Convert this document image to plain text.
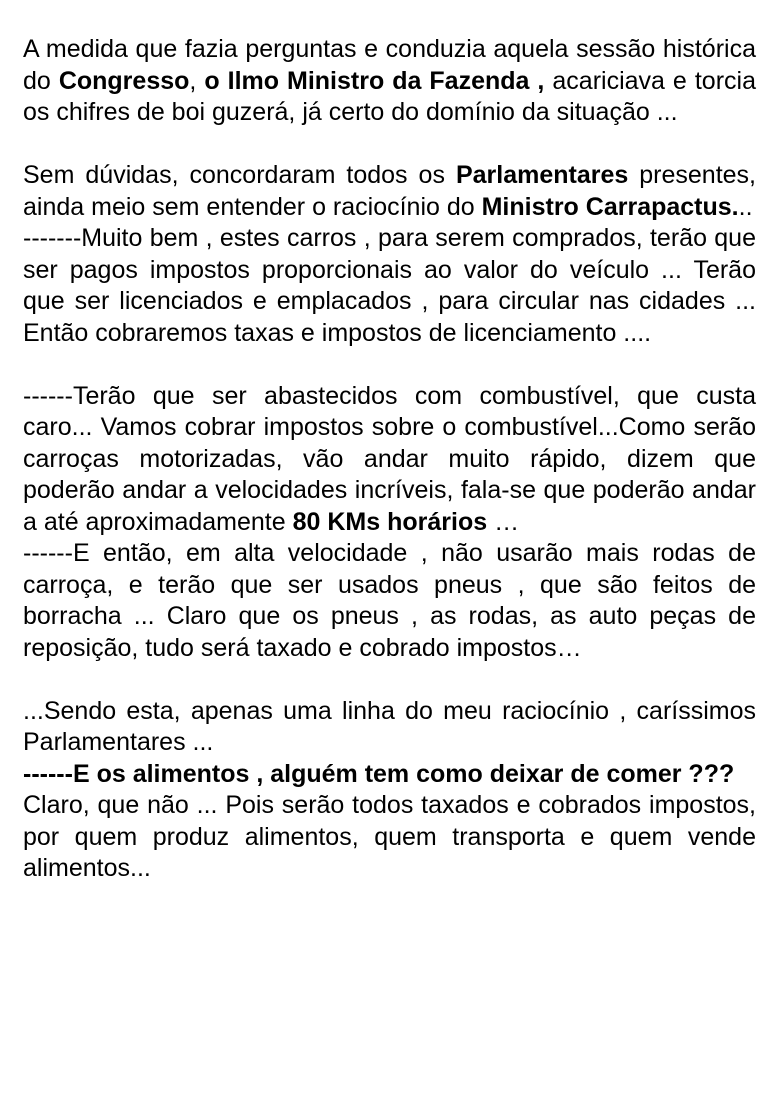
A medida que fazia perguntas e conduzia aquela sessão histórica do Congresso, o Ilmo Ministro da Fazenda , acariciava e torcia os chifres de boi guzerá, já certo do domínio da situação ...

Sem dúvidas, concordaram todos os Parlamentares presentes, ainda meio sem entender o raciocínio do Ministro Carrapactus...

-------Muito bem , estes carros , para serem comprados, terão que ser pagos impostos proporcionais ao valor do veículo ... Terão que ser licenciados e emplacados , para circular nas cidades ... Então cobraremos taxas e impostos de licenciamento ....

------Terão que ser abastecidos com combustível, que custa caro... Vamos cobrar impostos sobre o combustível...Como serão carroças motorizadas, vão andar muito rápido, dizem que poderão andar a velocidades incríveis, fala-se que poderão andar a até aproximadamente 80 KMs horários …

------E então, em alta velocidade , não usarão mais rodas de carroça, e terão que ser usados pneus , que são feitos de borracha ... Claro que os pneus , as rodas, as auto peças de reposição, tudo será taxado e cobrado impostos…

...Sendo esta, apenas uma linha do meu raciocínio , caríssimos Parlamentares ...

------E os alimentos , alguém tem como deixar de comer ???

Claro, que não ... Pois serão todos taxados e cobrados impostos, por quem produz alimentos, quem transporta e quem vende alimentos...
